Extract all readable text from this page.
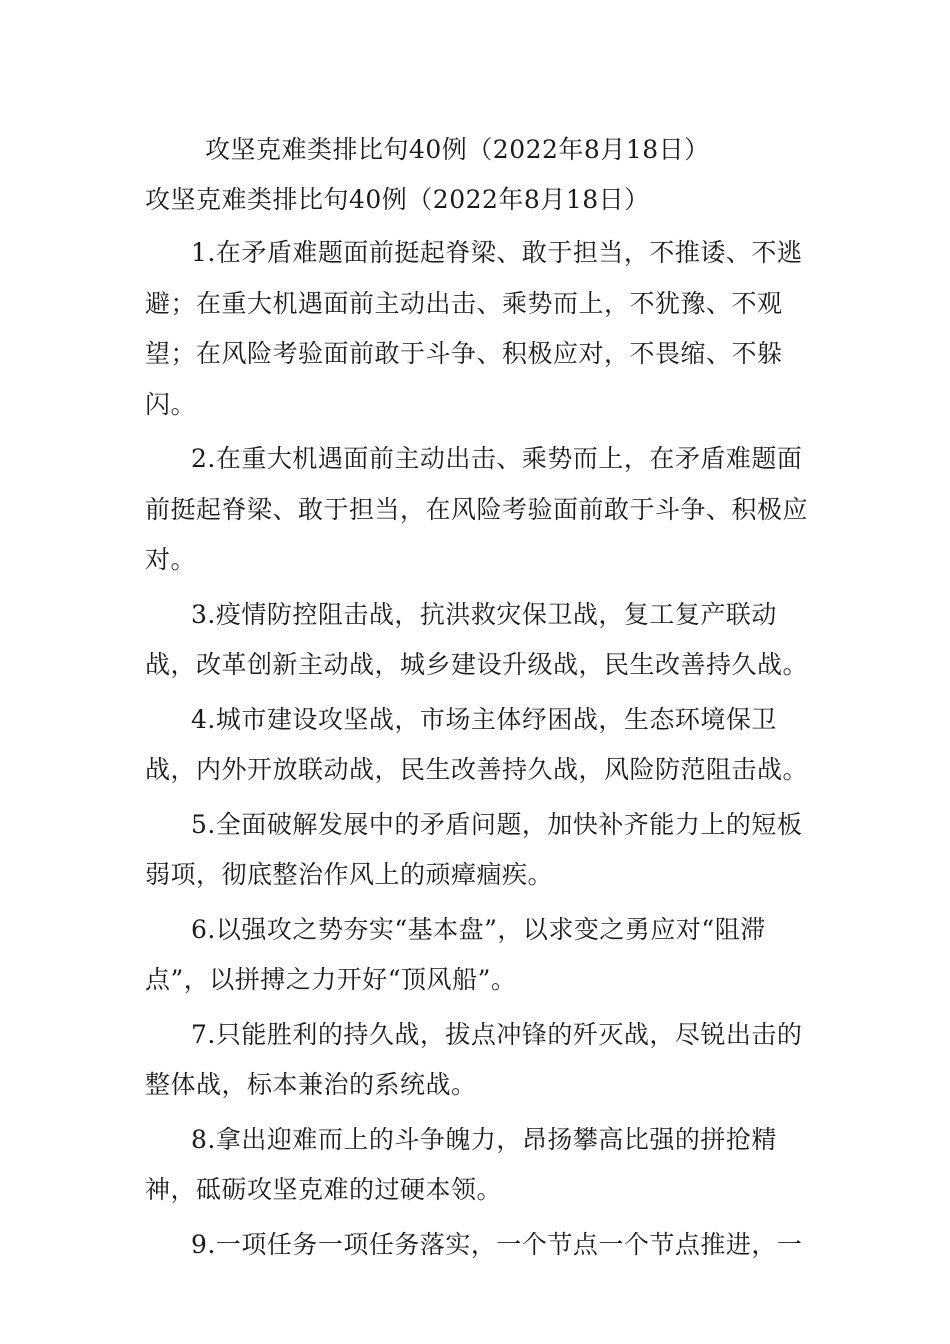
攻坚克难类排比句40例（2022年8月18日）
攻坚克难类排比句40例（2022年8月18日）

1.在矛盾难题面前挺起脊梁、敢于担当，不推诿、不逃避；在重大机遇面前主动出击、乘势而上，不犹豫、不观望；在风险考验面前敢于斗争、积极应对，不畏缩、不躲闪。

2.在重大机遇面前主动出击、乘势而上，在矛盾难题面前挺起脊梁、敢于担当，在风险考验面前敢于斗争、积极应对。

3.疫情防控阻击战，抗洪救灾保卫战，复工复产联动战，改革创新主动战，城乡建设升级战，民生改善持久战。

4.城市建设攻坚战，市场主体纾困战，生态环境保卫战，内外开放联动战，民生改善持久战，风险防范阻击战。

5.全面破解发展中的矛盾问题，加快补齐能力上的短板弱项，彻底整治作风上的顽瘴痼疾。

6.以强攻之势夯实“基本盘”，以求变之勇应对“阻滞点”，以拼搏之力开好“顶风船”。

7.只能胜利的持久战，拔点冲锋的歼灭战，尽锐出击的整体战，标本兼治的系统战。

8.拿出迎难而上的斗争魄力，昂扬攀高比强的拼抢精神，砥砺攻坚克难的过硬本领。

9.一项任务一项任务落实，一个节点一个节点推进，一
